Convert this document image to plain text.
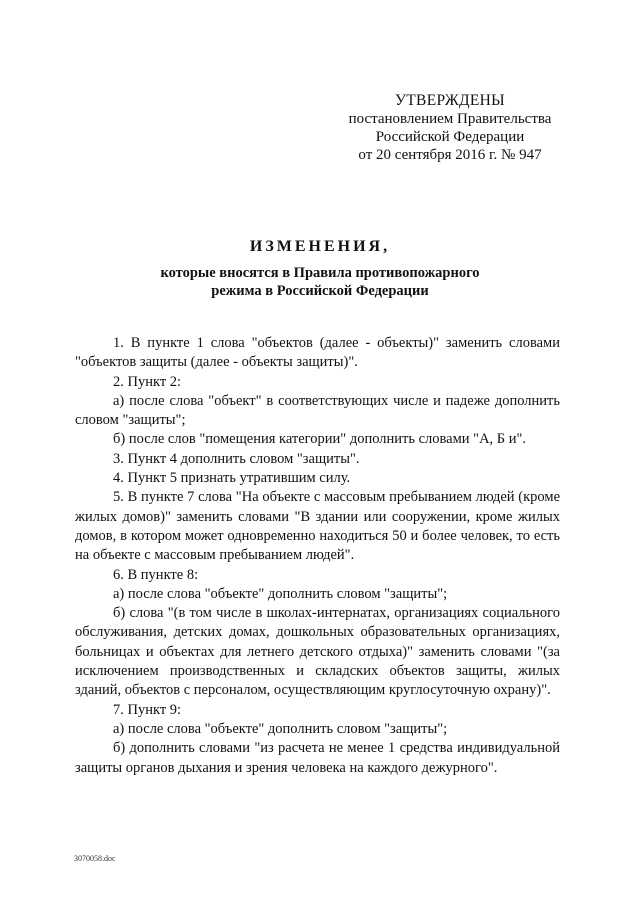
УТВЕРЖДЕНЫ
постановлением Правительства
Российской Федерации
от 20 сентября 2016 г. № 947
ИЗМЕНЕНИЯ,
которые вносятся в Правила противопожарного
режима в Российской Федерации

1. В пункте 1 слова "объектов (далее - объекты)" заменить словами "объектов защиты (далее - объекты защиты)".

2. Пункт 2:

а) после слова "объект" в соответствующих числе и падеже дополнить словом "защиты";

б) после слов "помещения категории" дополнить словами "А, Б и".

3. Пункт 4 дополнить словом "защиты".

4. Пункт 5 признать утратившим силу.

5. В пункте 7 слова "На объекте с массовым пребыванием людей (кроме жилых домов)" заменить словами "В здании или сооружении, кроме жилых домов, в котором может одновременно находиться 50 и более человек, то есть на объекте с массовым пребыванием людей".

6. В пункте 8:

а) после слова "объекте" дополнить словом "защиты";

б) слова "(в том числе в школах-интернатах, организациях социального обслуживания, детских домах, дошкольных образовательных организациях, больницах и объектах для летнего детского отдыха)" заменить словами "(за исключением производственных и складских объектов защиты, жилых зданий, объектов с персоналом, осуществляющим круглосуточную охрану)".

7. Пункт 9:

а) после слова "объекте" дополнить словом "защиты";

б) дополнить словами "из расчета не менее 1 средства индивидуальной защиты органов дыхания и зрения человека на каждого дежурного".

3070058.doc
